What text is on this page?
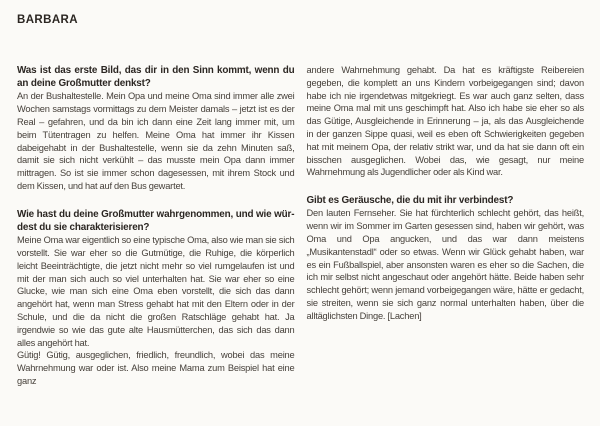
BARBARA
Was ist das erste Bild, das dir in den Sinn kommt, wenn du an deine Großmutter denkst?

An der Bushaltestelle. Mein Opa und meine Oma sind immer alle zwei Wochen samstags vormittags zu dem Meister damals – jetzt ist es der Real – gefahren, und da bin ich dann eine Zeit lang immer mit, um beim Tütentragen zu helfen. Meine Oma hat immer ihr Kissen dabeigehabt in der Bushaltestelle, wenn sie da zehn Minuten saß, damit sie sich nicht verkühlt – das musste mein Opa dann immer mittragen. So ist sie immer schon dagesessen, mit ihrem Stock und dem Kissen, und hat auf den Bus gewartet.

Wie hast du deine Großmutter wahrgenommen, und wie würdest du sie charakterisieren?

Meine Oma war eigentlich so eine typische Oma, also wie man sie sich vorstellt. Sie war eher so die Gutmütige, die Ruhige, die körperlich leicht Beeinträchtigte, die jetzt nicht mehr so viel rumgelaufen ist und mit der man sich auch so viel unterhalten hat. Sie war eher so eine Glucke, wie man sich eine Oma eben vorstellt, die sich das dann angehört hat, wenn man Stress gehabt hat mit den Eltern oder in der Schule, und die da nicht die großen Ratschläge gehabt hat. Ja irgendwie so wie das gute alte Hausmütterchen, das sich das dann alles angehört hat.

Gütig! Gütig, ausgeglichen, friedlich, freundlich, wobei das meine Wahrnehmung war oder ist. Also meine Mama zum Beispiel hat eine ganz

andere Wahrnehmung gehabt. Da hat es kräftigste Reibereien gegeben, die komplett an uns Kindern vorbeigegangen sind; davon habe ich nie irgendetwas mitgekriegt. Es war auch ganz selten, dass meine Oma mal mit uns geschimpft hat. Also ich habe sie eher so als das Gütige, Ausgleichende in Erinnerung – ja, als das Ausgleichende in der ganzen Sippe quasi, weil es eben oft Schwierigkeiten gegeben hat mit meinem Opa, der relativ strikt war, und da hat sie dann oft ein bisschen ausgeglichen. Wobei das, wie gesagt, nur meine Wahrnehmung als Jugendlicher oder als Kind war.

Gibt es Geräusche, die du mit ihr verbindest?

Den lauten Fernseher. Sie hat fürchterlich schlecht gehört, das heißt, wenn wir im Sommer im Garten gesessen sind, haben wir gehört, was Oma und Opa angucken, und das war dann meistens „Musikantenstadl“ oder so etwas. Wenn wir Glück gehabt haben, war es ein Fußballspiel, aber ansonsten waren es eher so die Sachen, die ich mir selbst nicht angeschaut oder angehört hätte. Beide haben sehr schlecht gehört; wenn jemand vorbeigegangen wäre, hätte er gedacht, sie streiten, wenn sie sich ganz normal unterhalten haben, über die alltäglichsten Dinge. [Lachen]
